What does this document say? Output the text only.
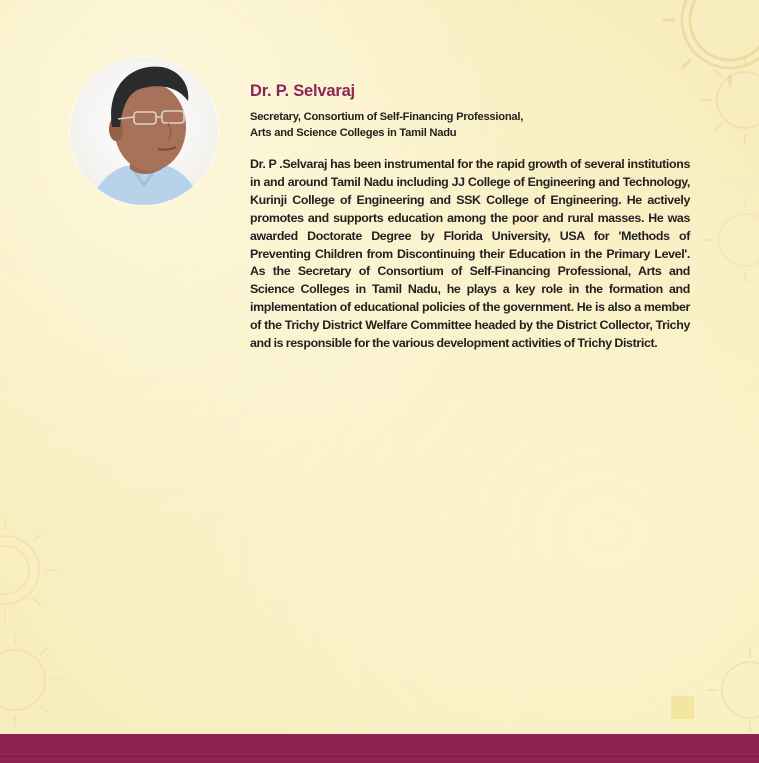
Dr. P. Selvaraj

Secretary, Consortium of Self-Financing Professional,
Arts and Science Colleges in Tamil Nadu

Dr. P .Selvaraj has been instrumental for the rapid growth of several institutions in and around Tamil Nadu including JJ College of Engineering and Technology, Kurinji College of Engineering and SSK College of Engineering. He actively promotes and supports education among the poor and rural masses. He was awarded Doctorate Degree by Florida University, USA for 'Methods of Preventing Children from Discontinuing their Education in the Primary Level'. As the Secretary of Consortium of Self-Financing Professional, Arts and Science Colleges in Tamil Nadu, he plays a key role in the formation and implementation of educational policies of the government. He is also a member of the Trichy District Welfare Committee headed by the District Collector, Trichy and is responsible for the various development activities of Trichy District.
